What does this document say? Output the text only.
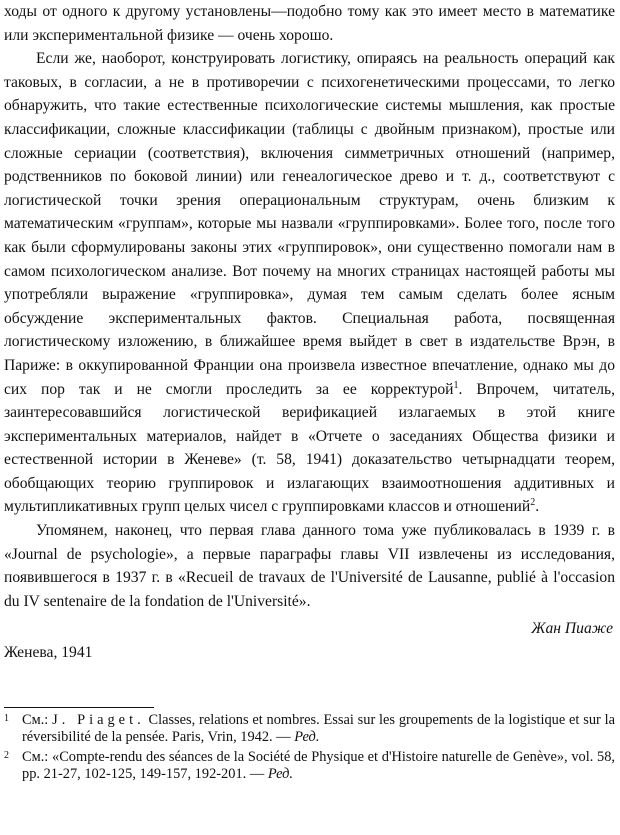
ходы от одного к другому установлены—подобно тому как это имеет место в математике или экспериментальной физике — очень хорошо.

Если же, наоборот, конструировать логистику, опираясь на реальность операций как таковых, в согласии, а не в противоречии с психогенетическими процессами, то легко обнаружить, что такие естественные психологические системы мышления, как простые классификации, сложные классификации (таблицы с двойным признаком), простые или сложные сериации (соответствия), включения симметричных отношений (например, родственников по боковой линии) или генеалогическое древо и т. д., соответствуют с логистической точки зрения операциональным структурам, очень близким к математическим «группам», которые мы назвали «группировками». Более того, после того как были сформулированы законы этих «группировок», они существенно помогали нам в самом психологическом анализе. Вот почему на многих страницах настоящей работы мы употребляли выражение «группировка», думая тем самым сделать более ясным обсуждение экспериментальных фактов. Специальная работа, посвященная логистическому изложению, в ближайшее время выйдет в свет в издательстве Врэн, в Париже: в оккупированной Франции она произвела известное впечатление, однако мы до сих пор так и не смогли проследить за ее корректурой$^1$. Впрочем, читатель, заинтересовавшийся логистической верификацией излагаемых в этой книге экспериментальных материалов, найдет в «Отчете о заседаниях Общества физики и естественной истории в Женеве» (т. 58, 1941) доказательство четырнадцати теорем, обобщающих теорию группировок и излагающих взаимоотношения аддитивных и мультипликативных групп целых чисел с группировками классов и отношений$^2$.

Упомянем, наконец, что первая глава данного тома уже публиковалась в 1939 г. в «Journal de psychologie», а первые параграфы главы VII извлечены из исследования, появившегося в 1937 г. в «Recueil de travaux de l'Université de Lausanne, publié à l'occasion du IV sentenaire de la fondation de l'Université».

Жан Пиаже
Женева, 1941
1 См.: J. Piaget. Classes, relations et nombres. Essai sur les groupements de la logistique et sur la réversibilité de la pensée. Paris, Vrin, 1942. — Ред.
2 См.: «Compte-rendu des séances de la Société de Physique et d'Histoire naturelle de Genève», vol. 58, pp. 21-27, 102-125, 149-157, 192-201. — Ред.
